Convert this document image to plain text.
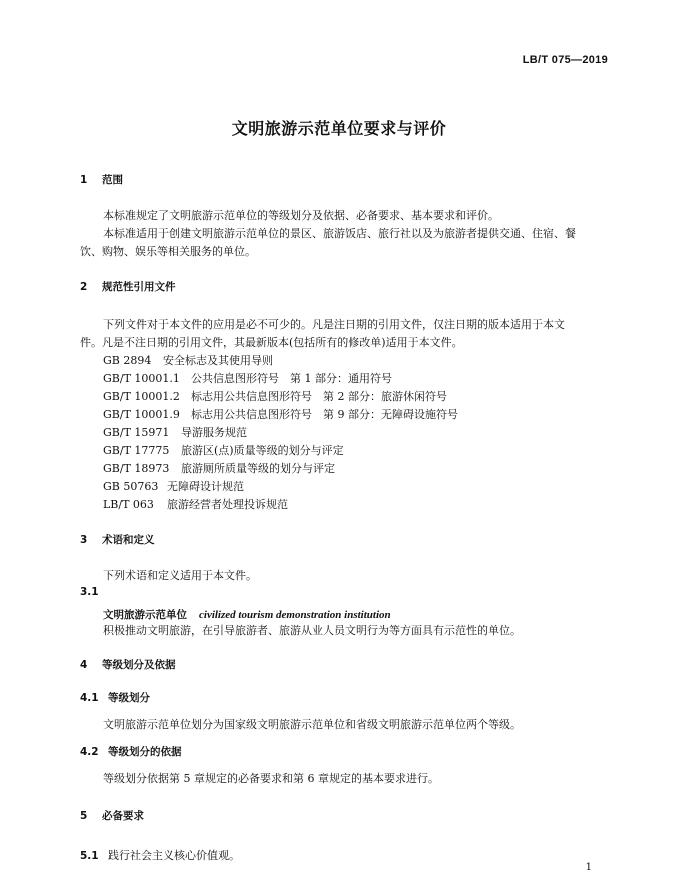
LB/T 075—2019
文明旅游示范单位要求与评价
1 范围
本标准规定了文明旅游示范单位的等级划分及依据、必备要求、基本要求和评价。
本标准适用于创建文明旅游示范单位的景区、旅游饭店、旅行社以及为旅游者提供交通、住宿、餐
饮、购物、娱乐等相关服务的单位。
2 规范性引用文件
下列文件对于本文件的应用是必不可少的。凡是注日期的引用文件，仅注日期的版本适用于本文
件。凡是不注日期的引用文件，其最新版本(包括所有的修改单)适用于本文件。
GB 2894 安全标志及其使用导则
GB/T 10001.1 公共信息图形符号　第 1 部分：通用符号
GB/T 10001.2 标志用公共信息图形符号　第 2 部分：旅游休闲符号
GB/T 10001.9 标志用公共信息图形符号　第 9 部分：无障碍设施符号
GB/T 15971 导游服务规范
GB/T 17775 旅游区(点)质量等级的划分与评定
GB/T 18973 旅游厕所质量等级的划分与评定
GB 50763 无障碍设计规范
LB/T 063 旅游经营者处理投诉规范
3 术语和定义
下列术语和定义适用于本文件。
3.1
文明旅游示范单位 civilized tourism demonstration institution
积极推动文明旅游，在引导旅游者、旅游从业人员文明行为等方面具有示范性的单位。
4 等级划分及依据
4.1 等级划分
文明旅游示范单位划分为国家级文明旅游示范单位和省级文明旅游示范单位两个等级。
4.2 等级划分的依据
等级划分依据第 5 章规定的必备要求和第 6 章规定的基本要求进行。
5 必备要求
5.1 践行社会主义核心价值观。
1
